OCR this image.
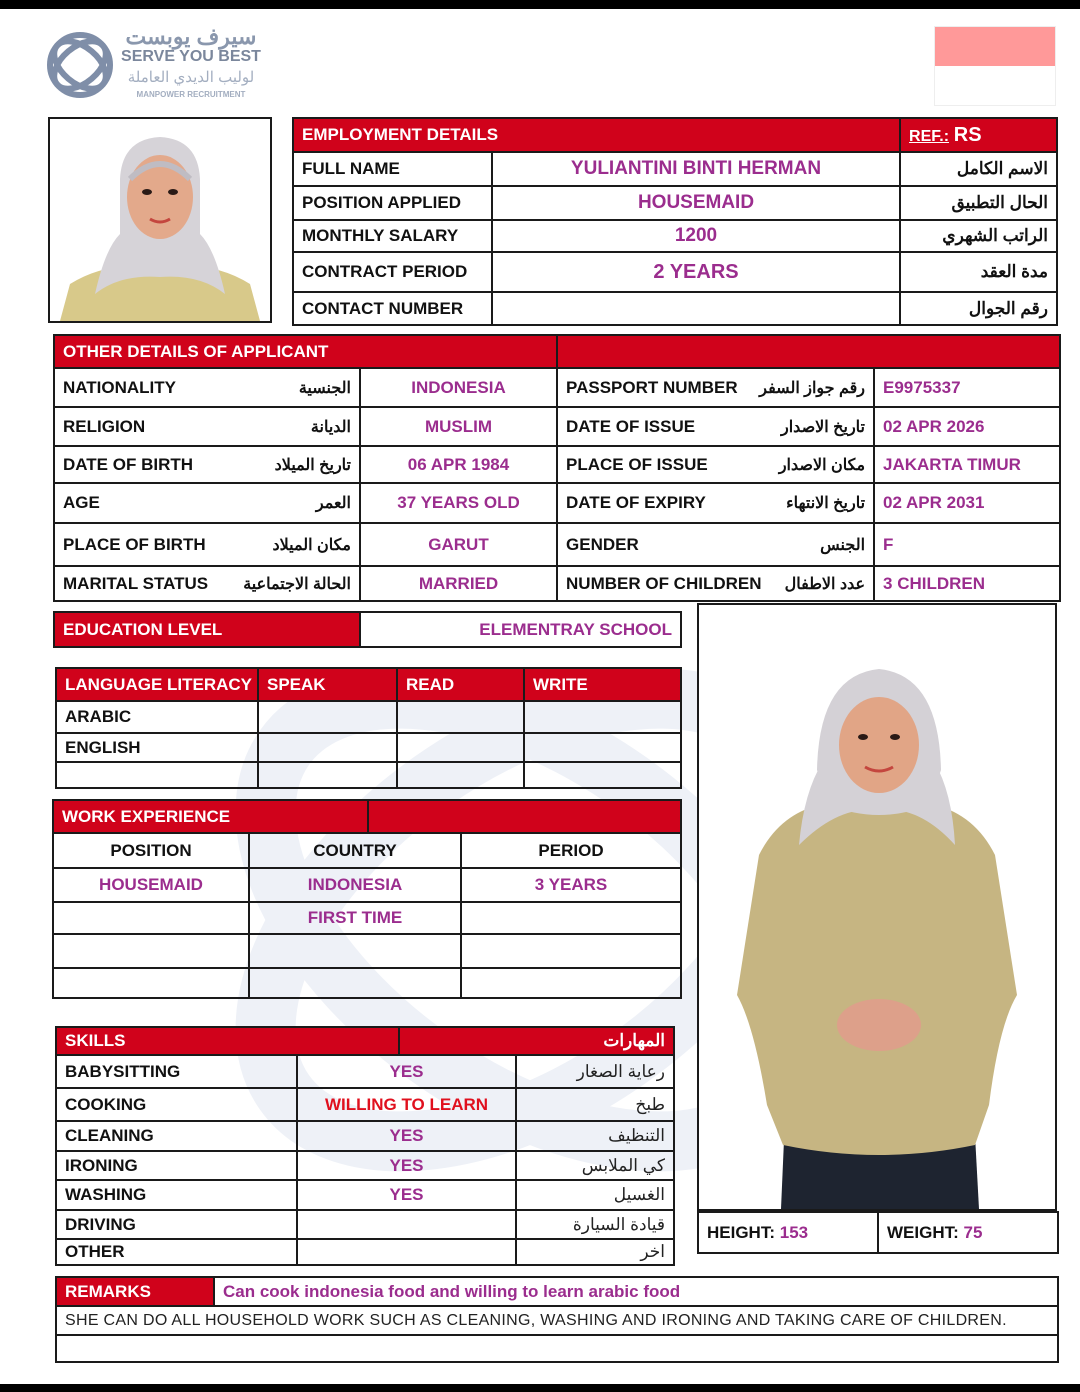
سيرف يوبست
SERVE YOU BEST
لوليب الديدي العاملة
MANPOWER RECRUITMENT
EMPLOYMENT DETAILS		REF.: RS
FULL NAME	YULIANTINI BINTI HERMAN	الاسم الكامل
POSITION APPLIED	HOUSEMAID	الحال التطبيق
MONTHLY SALARY	1200	الراتب الشهري
CONTRACT PERIOD	2 YEARS	مدة العقد
CONTACT NUMBER		رقم الجوال
OTHER DETAILS OF APPLICANT			

NATIONALITY الجنسية	INDONESIA	PASSPORT NUMBER رقم جواز السفر	E9975337

RELIGION الديانة	MUSLIM	DATE OF ISSUE تاريخ الاصدار	02 APR 2026

DATE OF BIRTH تاريخ الميلاد	06 APR 1984	PLACE OF ISSUE مكان الاصدار	JAKARTA TIMUR

AGE العمر	37 YEARS OLD	DATE OF EXPIRY تاريخ الانتهاء	02 APR 2031

PLACE OF BIRTH مكان الميلاد	GARUT	GENDER الجنس	F

MARITAL STATUS الحالة الاجتماعية	MARRIED	NUMBER OF CHILDREN عدد الاطفال	3 CHILDREN
EDUCATION LEVEL	ELEMENTRAY SCHOOL
LANGUAGE LITERACY	SPEAK	READ	WRITE
ARABIC			
ENGLISH			

WORK EXPERIENCE			
POSITION	COUNTRY		PERIOD
HOUSEMAID	INDONESIA		3 YEARS
	FIRST TIME		

SKILLS		المهارات	
BABYSITTING	YES		رعاية الصغار
COOKING	WILLING TO LEARN		طبخ
CLEANING	YES		التنظيف
IRONING	YES		كي الملابس
WASHING	YES		الغسيل
DRIVING			قيادة السيارة
OTHER			اخر
HEIGHT: 153	WEIGHT: 75
REMARKS	Can cook indonesia food and willing to learn arabic food
SHE CAN DO ALL HOUSEHOLD WORK SUCH AS CLEANING, WASHING AND IRONING AND TAKING CARE OF CHILDREN.
